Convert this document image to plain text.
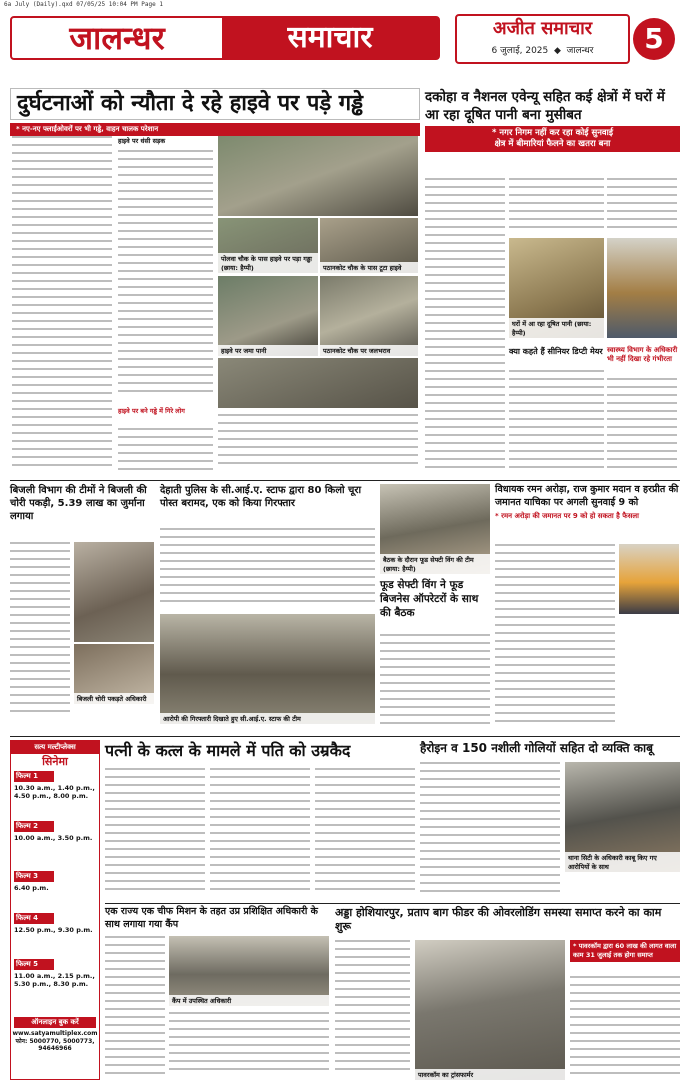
6a July (Daily).qxd 07/05/25 10:04 PM Page 1
जालन्धर	समाचार	अजीत समाचार
6 जुलाई, 2025  ◆  जालन्धर	5
दुर्घटनाओं को न्यौता दे रहे हाइवे पर पड़े गड्ढे
* नए-नए फ्लाईओवरों पर भी गड्ढे, वाहन चालक परेशान
हाइवे पर धंसी सड़क
हाइवे पर बने गड्ढे में गिरे लोग
पोलवा चौक के पास हाइवे पर पड़ा गड्ढा (छाया: हैप्पी)	पठानकोट चौक के पास टूटा हाइवे
हाइवे पर जमा पानी	पठानकोट चौक पर जलभराव
दकोहा व नैशनल एवेन्यू सहित कई क्षेत्रों में घरों में आ रहा दूषित पानी बना मुसीबत
* नगर निगम नहीं कर रहा कोई सुनवाई
क्षेत्र में बीमारियां फैलने का खतरा बना
घरों में आ रहा दूषित पानी (छाया: हैप्पी)
क्या कहते हैं सीनियर डिप्टी मेयर स्वास्थ्य विभाग के अधिकारी भी नहीं दिखा रहे गंभीरता
बिजली विभाग की टीमों ने बिजली की चोरी पकड़ी, 5.39 लाख का जुर्माना लगाया
बिजली चोरी पकड़ते अधिकारी
देहाती पुलिस के सी.आई.ए. स्टाफ द्वारा 80 किलो चूरा पोस्त बरामद, एक को किया गिरफ्तार
आरोपी की गिरफ्तारी दिखाते हुए सी.आई.ए. स्टाफ की टीम
बैठक के दौरान फूड सेफ्टी विंग की टीम (छाया: हैप्पी)
फूड सेफ्टी विंग ने फूड बिजनेस ऑपरेटरों के साथ की बैठक
विधायक रमन अरोड़ा, राज कुमार मदान व हरप्रीत की जमानत याचिका पर अगली सुनवाई 9 को
* रमन अरोड़ा की जमानत पर 9 को हो सकता है फैसला
सत्य मल्टीप्लेक्स
सिनेमा
फिल्म 1
10.30 a.m., 1.40 p.m., 4.50 p.m., 8.00 p.m.
फिल्म 2
10.00 a.m., 3.50 p.m.
फिल्म 3
6.40 p.m.
फिल्म 4
12.50 p.m., 9.30 p.m.
फिल्म 5
11.00 a.m., 2.15 p.m., 5.30 p.m., 8.30 p.m.
ऑनलाइन बुक करें
www.satyamultiplex.com
फोन: 5000770, 5000773, 94646966
पत्नी के कत्ल के मामले में पति को उम्रकैद	हैरोइन व 150 नशीली गोलियों सहित दो व्यक्ति काबू
थाना सिटी के अधिकारी काबू किए गए आरोपियों के साथ
एक राज्य एक चीफ मिशन के तहत उप्र प्रशिक्षित अधिकारी के साथ लगाया गया कैंप
कैंप में उपस्थित अधिकारी
अड्डा होशियारपुर, प्रताप बाग फीडर की ओवरलोडिंग समस्या समाप्त करने का काम शुरू
पावरकॉम का ट्रांसफार्मर
* पावरकॉम द्वारा 60 लाख की लागत वाला काम 31 जुलाई तक होगा समाप्त
